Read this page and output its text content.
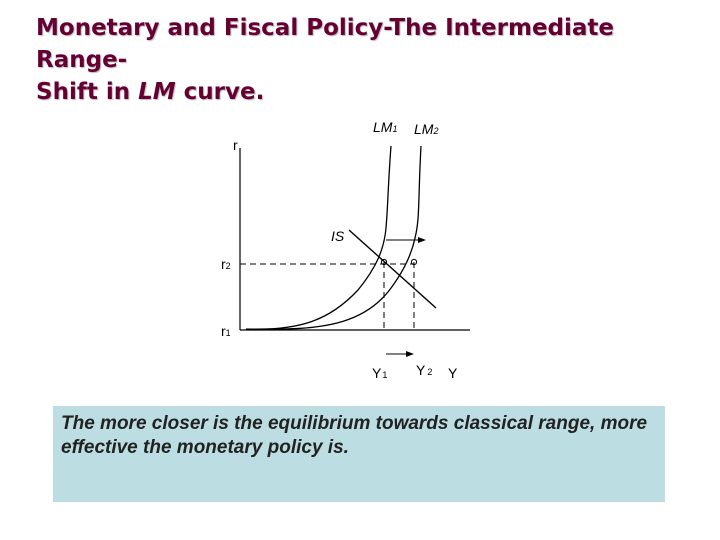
Monetary and Fiscal Policy-The Intermediate Range-
Shift in LM curve.
LM1 LM2
IS
r
Y
r2
r1
Y1 Y 2
The more closer is the equilibrium towards classical range, more effective the monetary policy is.
